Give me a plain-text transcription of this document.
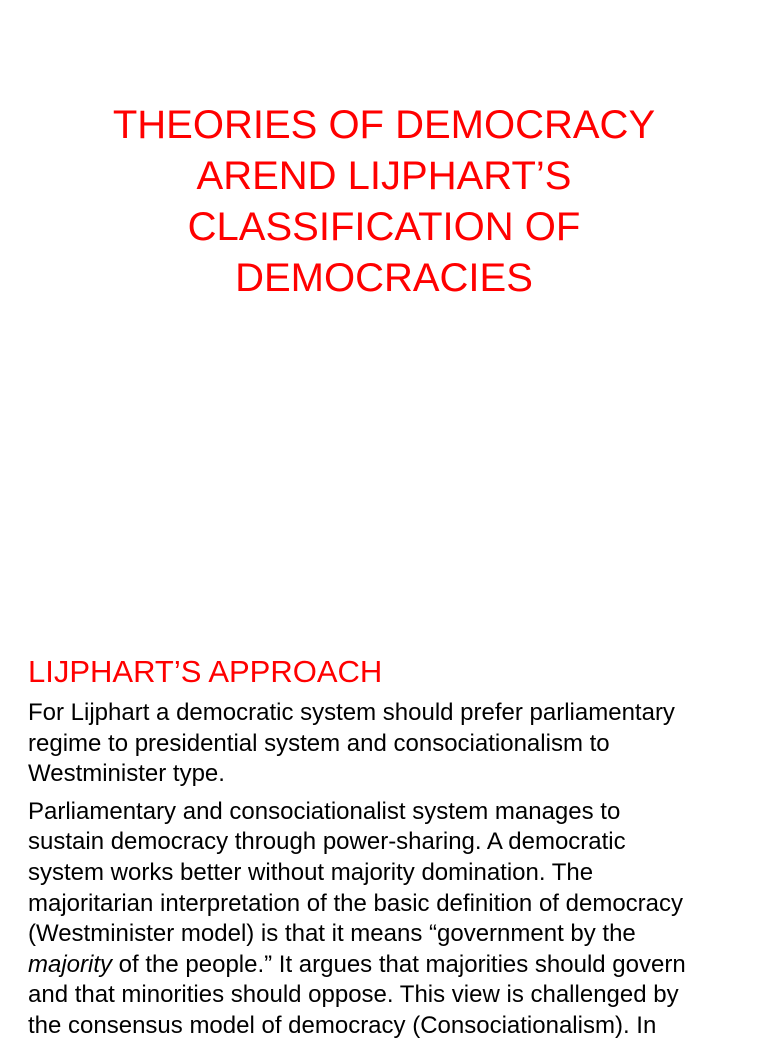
THEORIES OF DEMOCRACY
AREND LIJPHART’S
CLASSIFICATION OF
DEMOCRACIES
LIJPHART’S APPROACH

For Lijphart a democratic system should prefer parliamentary
regime to presidential system and consociationalism to
Westminister type.

Parliamentary and consociationalist system manages to
sustain democracy through power-sharing. A democratic
system works better without majority domination. The
majoritarian interpretation of the basic definition of democracy
(Westminister model) is that it means “government by the
majority of the people.” It argues that majorities should govern
and that minorities should oppose. This view is challenged by
the consensus model of democracy (Consociationalism). In
